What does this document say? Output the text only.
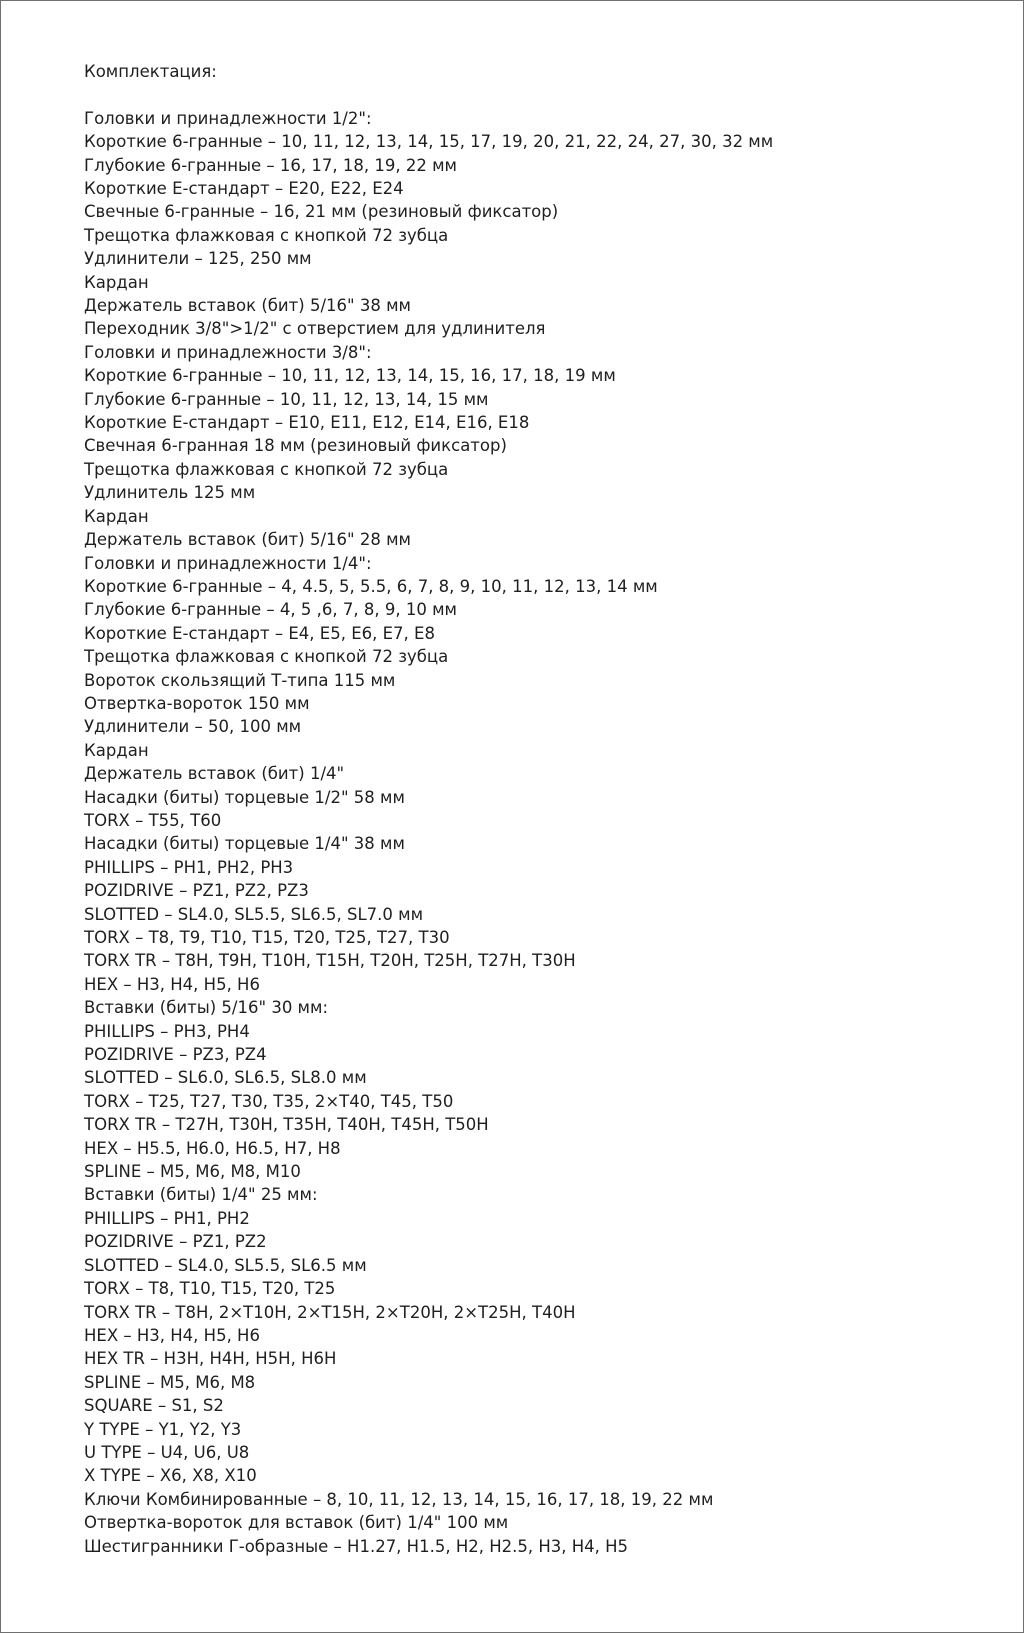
Комплектация:
Головки и принадлежности 1/2":
Короткие 6-гранные – 10, 11, 12, 13, 14, 15, 17, 19, 20, 21, 22, 24, 27, 30, 32 мм
Глубокие 6-гранные – 16, 17, 18, 19, 22 мм
Короткие Е-стандарт – Е20, Е22, Е24
Свечные 6-гранные – 16, 21 мм (резиновый фиксатор)
Трещотка флажковая с кнопкой 72 зубца
Удлинители – 125, 250 мм
Кардан
Держатель вставок (бит) 5/16" 38 мм
Переходник 3/8">1/2" с отверстием для удлинителя
Головки и принадлежности 3/8":
Короткие 6-гранные – 10, 11, 12, 13, 14, 15, 16, 17, 18, 19 мм
Глубокие 6-гранные – 10, 11, 12, 13, 14, 15 мм
Короткие Е-стандарт – Е10, Е11, Е12, Е14, Е16, Е18
Свечная 6-гранная 18 мм (резиновый фиксатор)
Трещотка флажковая с кнопкой 72 зубца
Удлинитель 125 мм
Кардан
Держатель вставок (бит) 5/16" 28 мм
Головки и принадлежности 1/4":
Короткие 6-гранные – 4, 4.5, 5, 5.5, 6, 7, 8, 9, 10, 11, 12, 13, 14 мм
Глубокие 6-гранные – 4, 5 ,6, 7, 8, 9, 10 мм
Короткие Е-стандарт – Е4, Е5, Е6, Е7, Е8
Трещотка флажковая с кнопкой 72 зубца
Вороток скользящий Т-типа 115 мм
Отвертка-вороток 150 мм
Удлинители – 50, 100 мм
Кардан
Держатель вставок (бит) 1/4"
Насадки (биты) торцевые 1/2" 58 мм
TORX – T55, T60
Насадки (биты) торцевые 1/4" 38 мм
PHILLIPS – PH1, PH2, PH3
POZIDRIVE – PZ1, PZ2, PZ3
SLOTTED – SL4.0, SL5.5, SL6.5, SL7.0 мм
TORX – T8, T9, T10, T15, T20, T25, T27, T30
TORX TR – T8H, T9H, T10H, T15H, T20H, T25H, T27H, T30H
HEX – H3, H4, H5, H6
Вставки (биты) 5/16" 30 мм:
PHILLIPS – PH3, PH4
POZIDRIVE – PZ3, PZ4
SLOTTED – SL6.0, SL6.5, SL8.0 мм
TORX – T25, T27, T30, T35, 2×T40, T45, T50
TORX TR – T27H, T30H, T35H, T40H, T45H, T50H
HEX – H5.5, H6.0, H6.5, H7, H8
SPLINE – M5, M6, M8, M10
Вставки (биты) 1/4" 25 мм:
PHILLIPS – PH1, PH2
POZIDRIVE – PZ1, PZ2
SLOTTED – SL4.0, SL5.5, SL6.5 мм
TORX – T8, T10, T15, T20, T25
TORX TR – T8H, 2×T10H, 2×T15H, 2×T20H, 2×T25H, T40H
HEX – H3, H4, H5, H6
HEX TR – H3H, H4H, H5H, H6H
SPLINE – M5, M6, M8
SQUARE – S1, S2
Y TYPE – Y1, Y2, Y3
U TYPE – U4, U6, U8
X TYPE – X6, X8, X10
Ключи Комбинированные – 8, 10, 11, 12, 13, 14, 15, 16, 17, 18, 19, 22 мм
Отвертка-вороток для вставок (бит) 1/4" 100 мм
Шестигранники Г-образные – H1.27, H1.5, H2, H2.5, H3, H4, H5
